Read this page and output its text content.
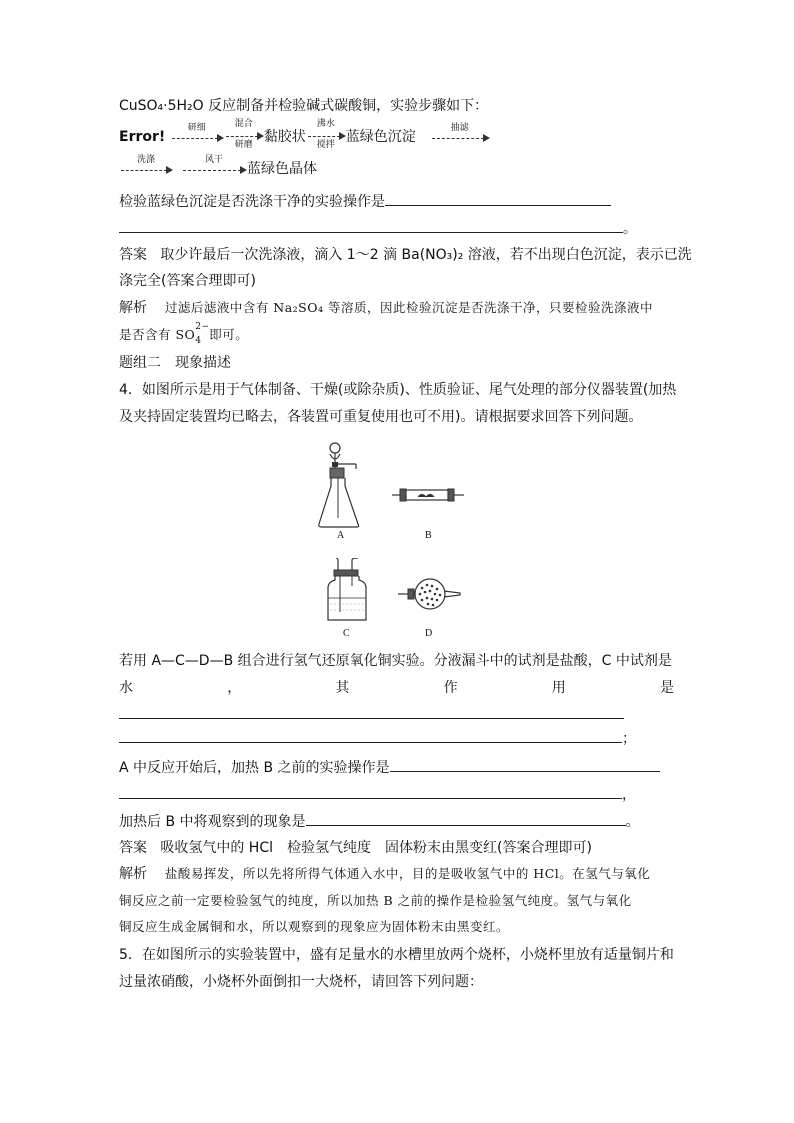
CuSO₄·5H₂O 反应制备并检验碱式碳酸铜，实验步骤如下：
Error!
研细	混合
研磨 黏胶状
沸水
搅拌 蓝绿色沉淀
抽滤
洗涤	风干
蓝绿色晶体
检验蓝绿色沉淀是否洗涤干净的实验操作是
。
答案 取少许最后一次洗涤液，滴入 1～2 滴 Ba(NO₃)₂ 溶液，若不出现白色沉淀，表示已洗
涤完全(答案合理即可)
解析 过滤后滤液中含有 Na₂SO₄ 等溶质，因此检验沉淀是否洗涤干净，只要检验洗涤液中
是否含有 SO 2−
4 即可。
题组二　现象描述
4．如图所示是用于气体制备、干燥(或除杂质)、性质验证、尾气处理的部分仪器装置(加热
及夹持固定装置均已略去，各装置可重复使用也可不用)。请根据要求回答下列问题。
A	B
C	D
若用 A—C—D—B 组合进行氢气还原氧化铜实验。分液漏斗中的试剂是盐酸，C 中试剂是
水	，	其	作	用	是
；
A 中反应开始后，加热 B 之前的实验操作是
，
加热后 B 中将观察到的现象是	。
答案 吸收氢气中的 HCl　检验氢气纯度　固体粉末由黑变红(答案合理即可)
解析 盐酸易挥发，所以先将所得气体通入水中，目的是吸收氢气中的 HCl。在氢气与氧化
铜反应之前一定要检验氢气的纯度，所以加热 B 之前的操作是检验氢气纯度。氢气与氧化
铜反应生成金属铜和水，所以观察到的现象应为固体粉末由黑变红。
5．在如图所示的实验装置中，盛有足量水的水槽里放两个烧杯，小烧杯里放有适量铜片和
过量浓硝酸，小烧杯外面倒扣一大烧杯，请回答下列问题：
